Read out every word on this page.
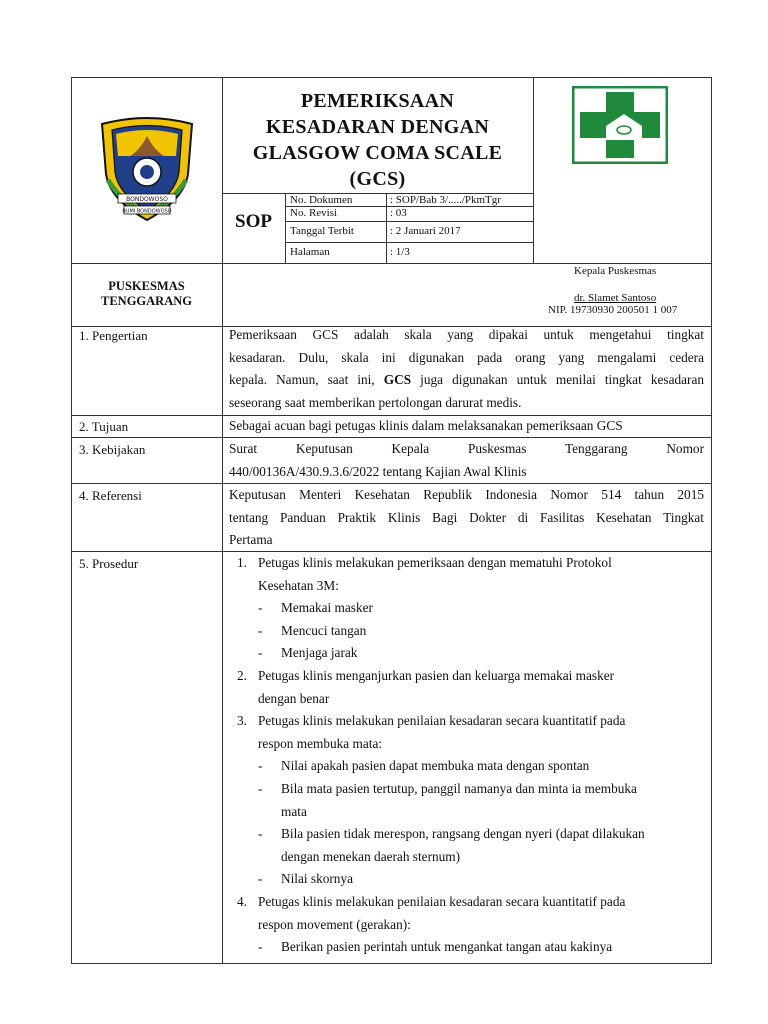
BONDOWOSO
BUMI BONDOWOSO
PEMERIKSAAN
KESADARAN DENGAN
GLASGOW COMA SCALE
(GCS)
SOP
No. Dokumen	: SOP/Bab 3/...../PkmTgr
No. Revisi	: 03
Tanggal Terbit	: 2 Januari 2017
Halaman	: 1/3
PUSKESMAS
TENGGARANG
Kepala Puskesmas
dr. Slamet Santoso
NIP. 19730930 200501 1 007
1. Pengertian	Pemeriksaan GCS adalah skala yang dipakai untuk mengetahui tingkat
kesadaran. Dulu, skala ini digunakan pada orang yang mengalami cedera
kepala. Namun, saat ini, GCS juga digunakan untuk menilai tingkat kesadaran
seseorang saat memberikan pertolongan darurat medis.
2. Tujuan	Sebagai acuan bagi petugas klinis dalam melaksanakan pemeriksaan GCS
3. Kebijakan	Surat         Keputusan         Kepala         Puskesmas         Tenggarang         Nomor
440/00136A/430.9.3.6/2022 tentang Kajian Awal Klinis
4. Referensi	Keputusan Menteri Kesehatan Republik Indonesia Nomor 514 tahun 2015
tentang Panduan Praktik Klinis Bagi Dokter di Fasilitas Kesehatan Tingkat
Pertama
5. Prosedur	1. Petugas klinis melakukan pemeriksaan dengan mematuhi Protokol
Kesehatan 3M:
- Memakai masker
- Mencuci tangan
- Menjaga jarak
2. Petugas klinis menganjurkan pasien dan keluarga memakai masker
dengan benar
3. Petugas klinis melakukan penilaian kesadaran secara kuantitatif pada
respon membuka mata:
- Nilai apakah pasien dapat membuka mata dengan spontan
- Bila mata pasien tertutup, panggil namanya dan minta ia membuka
mata
- Bila pasien tidak merespon, rangsang dengan nyeri (dapat dilakukan
dengan menekan daerah sternum)
- Nilai skornya
4. Petugas klinis melakukan penilaian kesadaran secara kuantitatif pada
respon movement (gerakan):
- Berikan pasien perintah untuk mengankat tangan atau kakinya
